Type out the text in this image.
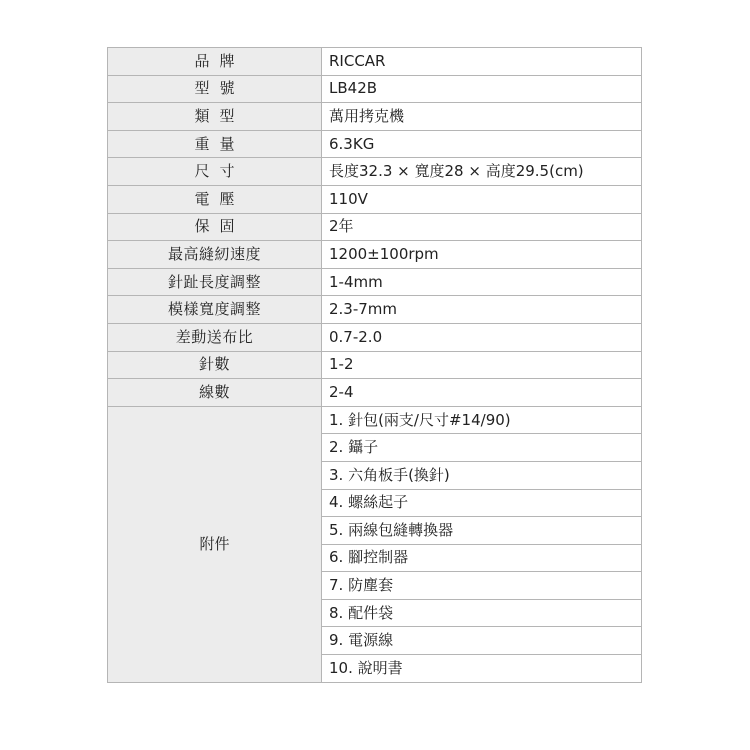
品牌	RICCAR
型號	LB42B
類型	萬用拷克機
重量	6.3KG
尺寸	長度32.3 × 寬度28 × 高度29.5(cm)
電壓	110V
保固	2年
最高縫紉速度	1200±100rpm
針趾長度調整	1-4mm
模樣寬度調整	2.3-7mm
差動送布比	0.7-2.0
針數	1-2
線數	2-4
附件	1. 針包(兩支/尺寸#14/90)
	2. 鑷子
	3. 六角板手(換針)
	4. 螺絲起子
	5. 兩線包縫轉換器
	6. 腳控制器
	7. 防塵套
	8. 配件袋
	9. 電源線
	10. 說明書
